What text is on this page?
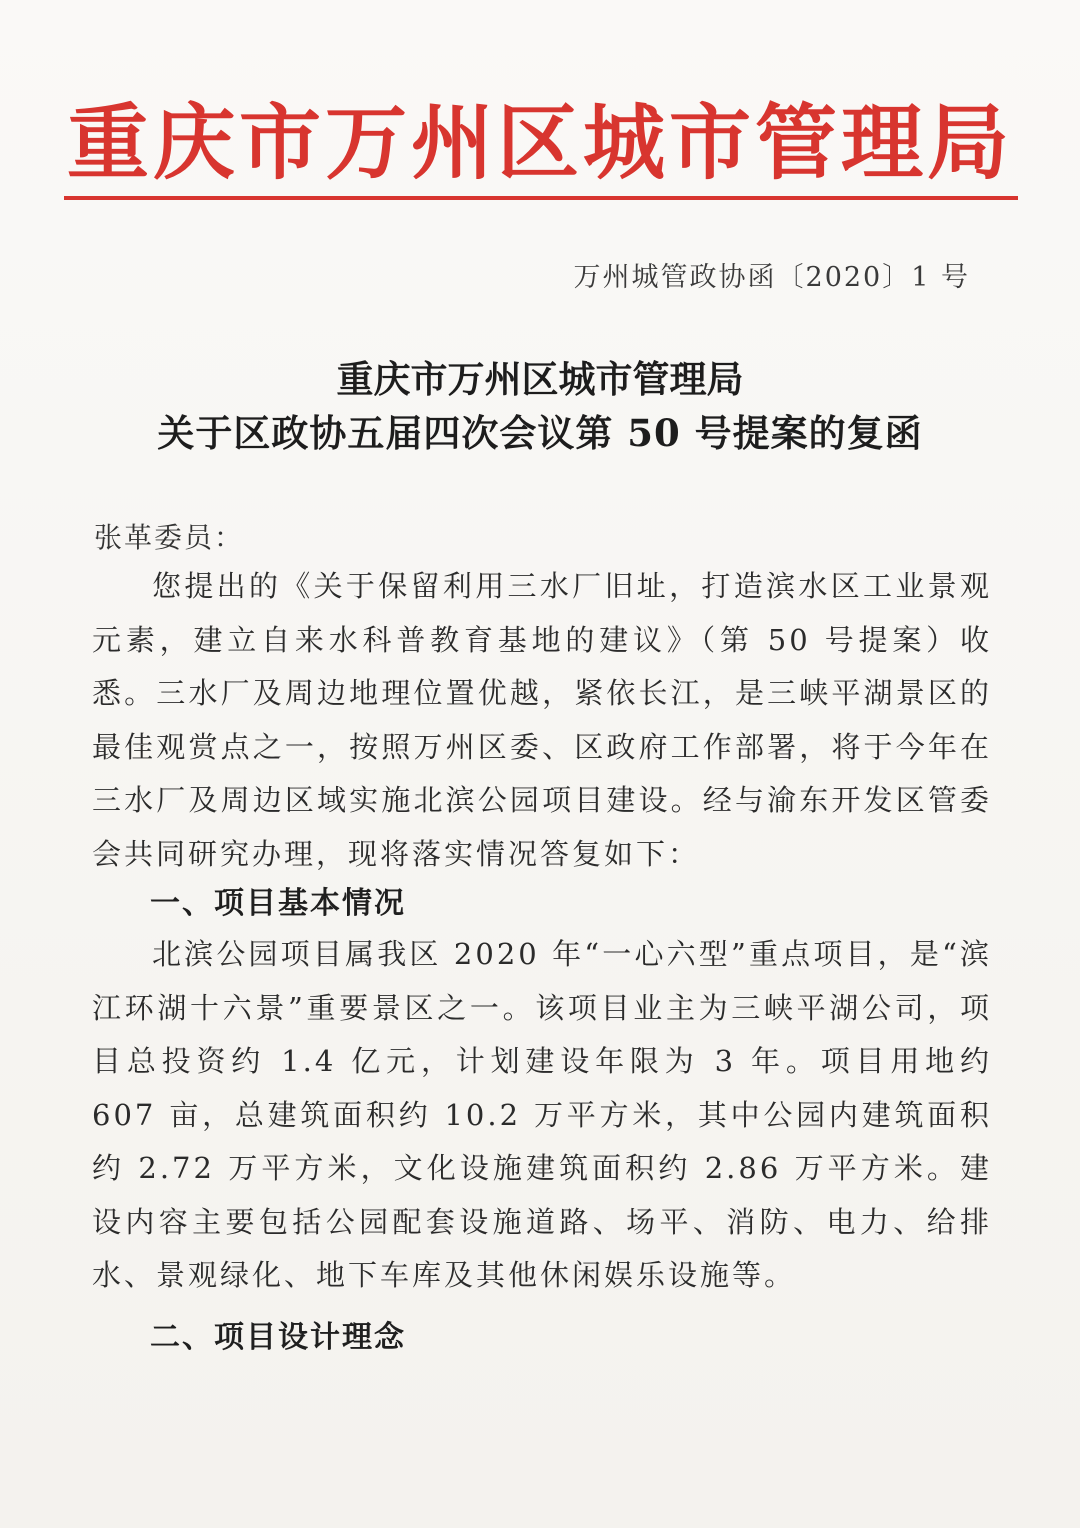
重庆市万州区城市管理局
万州城管政协函〔2020〕1 号
重庆市万州区城市管理局
关于区政协五届四次会议第 50 号提案的复函
张革委员：
您提出的《关于保留利用三水厂旧址，打造滨水区工业景观元素，建立自来水科普教育基地的建议》（第 50 号提案）收悉。三水厂及周边地理位置优越，紧依长江，是三峡平湖景区的最佳观赏点之一，按照万州区委、区政府工作部署，将于今年在三水厂及周边区域实施北滨公园项目建设。经与渝东开发区管委会共同研究办理，现将落实情况答复如下：
一、项目基本情况
北滨公园项目属我区 2020 年“一心六型”重点项目，是“滨江环湖十六景”重要景区之一。该项目业主为三峡平湖公司，项目总投资约 1.4 亿元，计划建设年限为 3 年。项目用地约 607 亩，总建筑面积约 10.2 万平方米，其中公园内建筑面积约 2.72 万平方米，文化设施建筑面积约 2.86 万平方米。建设内容主要包括公园配套设施道路、场平、消防、电力、给排水、景观绿化、地下车库及其他休闲娱乐设施等。
二、项目设计理念
